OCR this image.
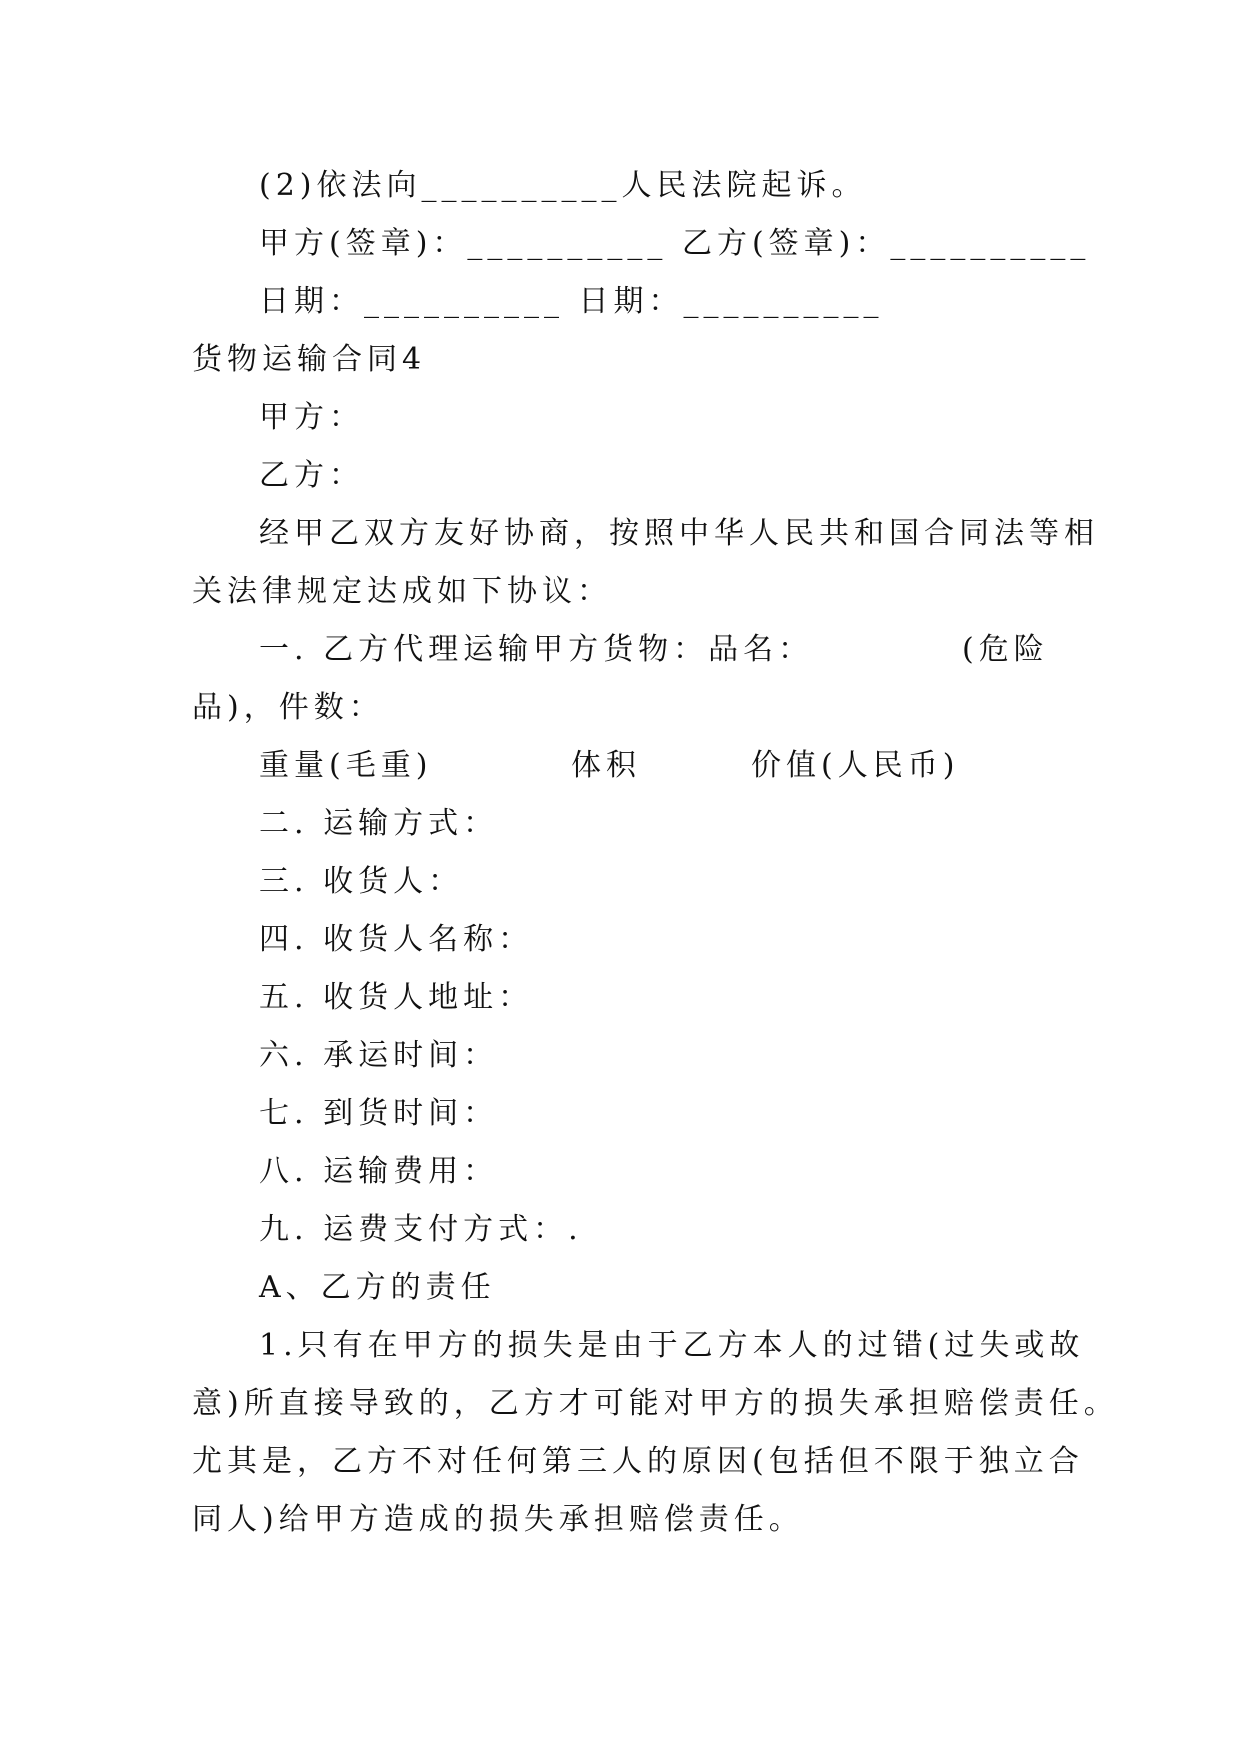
(2)依法向__________人民法院起诉。
甲方(签章)：__________ 乙方(签章)：__________
日期：__________ 日期：__________
货物运输合同4
甲方：
乙方：
经甲乙双方友好协商，按照中华人民共和国合同法等相
关法律规定达成如下协议：
一. 乙方代理运输甲方货物：品名：	(危险
品)，件数：
重量(毛重)	体积	价值(人民币)
二. 运输方式：
三. 收货人：
四. 收货人名称：
五. 收货人地址：
六. 承运时间：
七. 到货时间：
八. 运输费用：
九. 运费支付方式：.
A、乙方的责任
1.只有在甲方的损失是由于乙方本人的过错(过失或故
意)所直接导致的，乙方才可能对甲方的损失承担赔偿责任。
尤其是，乙方不对任何第三人的原因(包括但不限于独立合
同人)给甲方造成的损失承担赔偿责任。
